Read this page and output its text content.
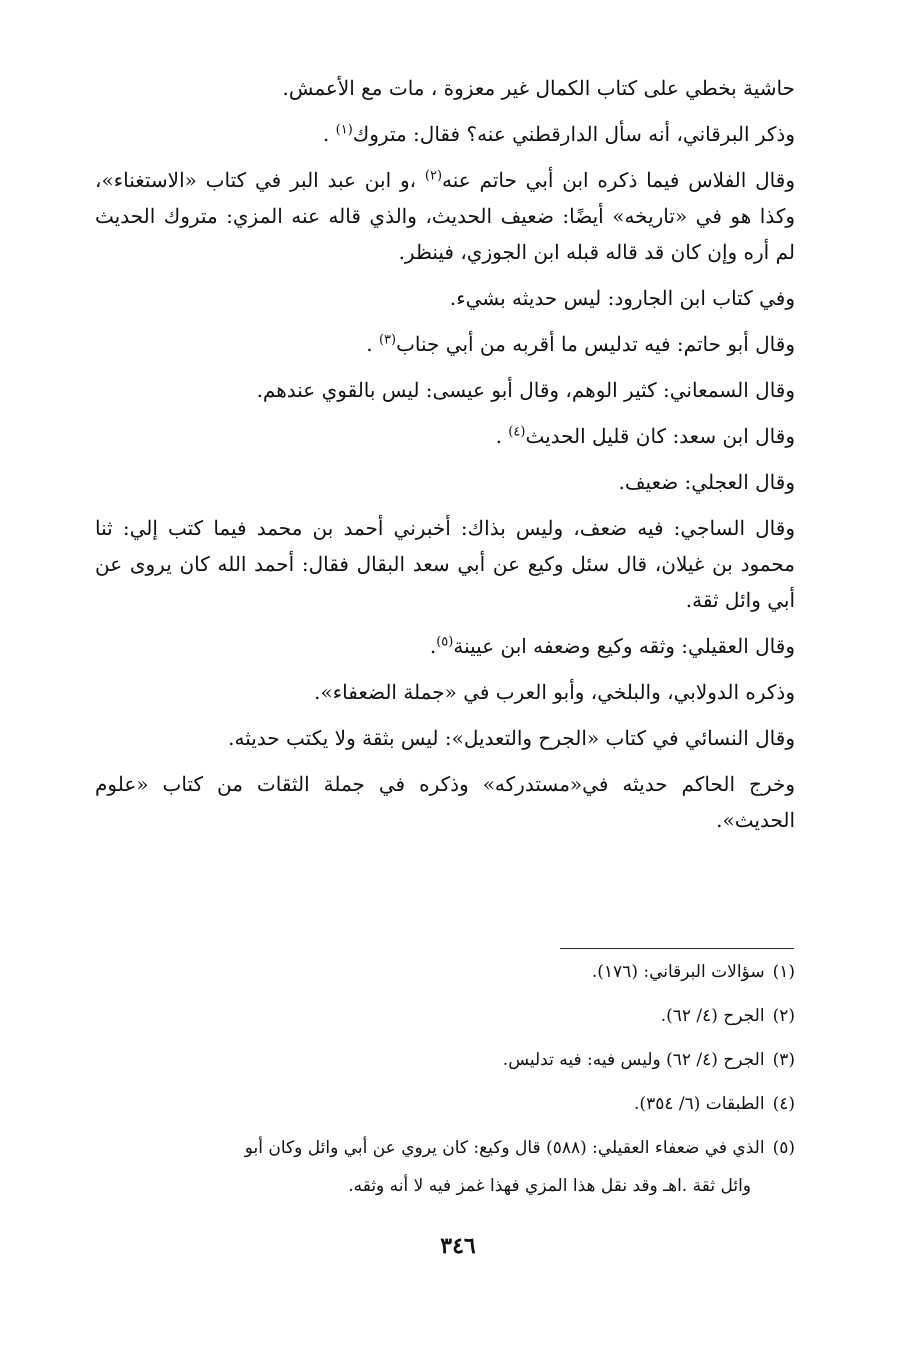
حاشية بخطي على كتاب الكمال غير معزوة ، مات مع الأعمش.

وذكر البرقاني، أنه سأل الدارقطني عنه؟ فقال: متروك$^{(١)}$ .

وقال الفلاس فيما ذكره ابن أبي حاتم عنه$^{(٢)}$ ،و ابن عبد البر في كتاب «الاستغناء»، وكذا هو في «تاريخه» أيضًا: ضعيف الحديث، والذي قاله عنه المزي: متروك الحديث لم أره وإن كان قد قاله قبله ابن الجوزي، فينظر.

وفي كتاب ابن الجارود: ليس حديثه بشيء.

وقال أبو حاتم: فيه تدليس ما أقربه من أبي جناب$^{(٣)}$ .

وقال السمعاني: كثير الوهم، وقال أبو عيسى: ليس بالقوي عندهم.

وقال ابن سعد: كان قليل الحديث$^{(٤)}$ .

وقال العجلي: ضعيف.

وقال الساجي: فيه ضعف، وليس بذاك: أخبرني أحمد بن محمد فيما كتب إلي: ثنا محمود بن غيلان، قال سئل وكيع عن أبي سعد البقال فقال: أحمد الله كان يروى عن أبي وائل ثقة.

وقال العقيلي: وثقه وكيع وضعفه ابن عيينة$^{(٥)}$.

وذكره الدولابي، والبلخي، وأبو العرب في «جملة الضعفاء».

وقال النسائي في كتاب «الجرح والتعديل»: ليس بثقة ولا يكتب حديثه.

وخرج الحاكم حديثه في«مستدركه» وذكره في جملة الثقات من كتاب «علوم الحديث».

(١)سؤالات البرقاني: (١٧٦).

(٢)الجرح (٤/ ٦٢).

(٣)الجرح (٤/ ٦٢) وليس فيه: فيه تدليس.

(٤)الطبقات (٦/ ٣٥٤).

(٥)الذي في ضعفاء العقيلي: (٥٨٨) قال وكيع: كان يروي عن أبي وائل وكان أبو

وائل ثقة .اهـ وقد نقل هذا المزي فهذا غمز فيه لا أنه وثقه.

٣٤٦
